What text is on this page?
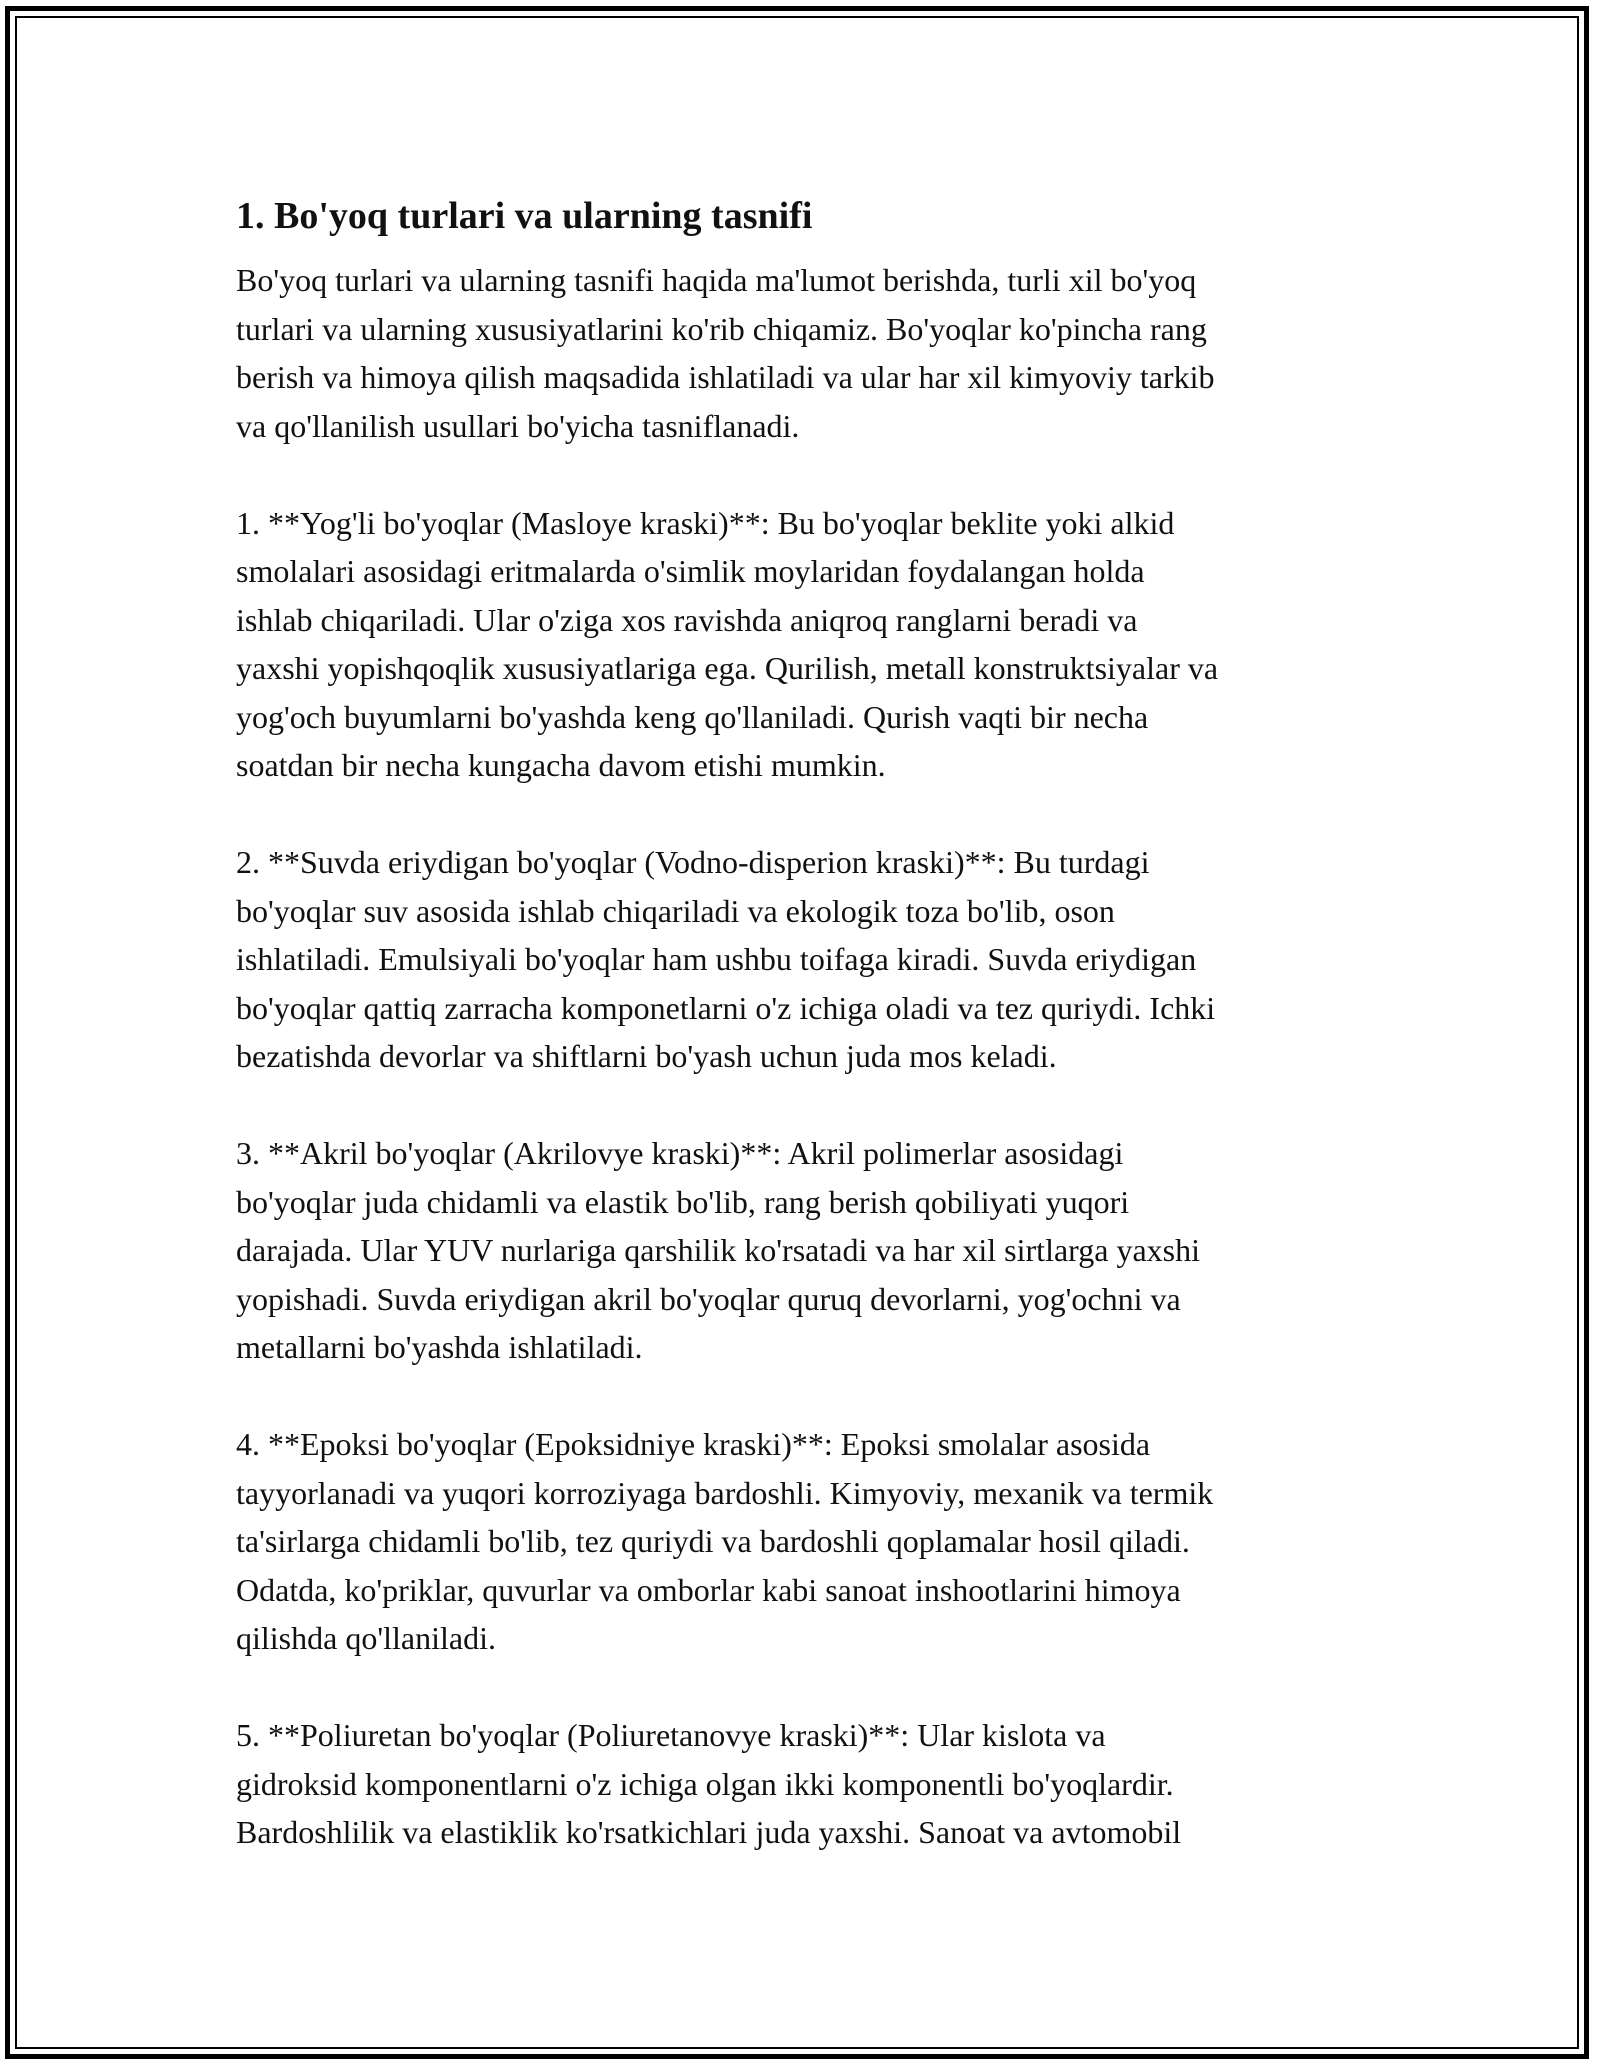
1. Bo'yoq turlari va ularning tasnifi

Bo'yoq turlari va ularning tasnifi haqida ma'lumot berishda, turli xil bo'yoq
turlari va ularning xususiyatlarini ko'rib chiqamiz. Bo'yoqlar ko'pincha rang
berish va himoya qilish maqsadida ishlatiladi va ular har xil kimyoviy tarkib
va qo'llanilish usullari bo'yicha tasniflanadi.

1. **Yog'li bo'yoqlar (Masloye kraski)**: Bu bo'yoqlar beklite yoki alkid
smolalari asosidagi eritmalarda o'simlik moylaridan foydalangan holda
ishlab chiqariladi. Ular o'ziga xos ravishda aniqroq ranglarni beradi va
yaxshi yopishqoqlik xususiyatlariga ega. Qurilish, metall konstruktsiyalar va
yog'och buyumlarni bo'yashda keng qo'llaniladi. Qurish vaqti bir necha
soatdan bir necha kungacha davom etishi mumkin.

2. **Suvda eriydigan bo'yoqlar (Vodno-disperion kraski)**: Bu turdagi
bo'yoqlar suv asosida ishlab chiqariladi va ekologik toza bo'lib, oson
ishlatiladi. Emulsiyali bo'yoqlar ham ushbu toifaga kiradi. Suvda eriydigan
bo'yoqlar qattiq zarracha komponetlarni o'z ichiga oladi va tez quriydi. Ichki
bezatishda devorlar va shiftlarni bo'yash uchun juda mos keladi.

3. **Akril bo'yoqlar (Akrilovye kraski)**: Akril polimerlar asosidagi
bo'yoqlar juda chidamli va elastik bo'lib, rang berish qobiliyati yuqori
darajada. Ular YUV nurlariga qarshilik ko'rsatadi va har xil sirtlarga yaxshi
yopishadi. Suvda eriydigan akril bo'yoqlar quruq devorlarni, yog'ochni va
metallarni bo'yashda ishlatiladi.

4. **Epoksi bo'yoqlar (Epoksidniye kraski)**: Epoksi smolalar asosida
tayyorlanadi va yuqori korroziyaga bardoshli. Kimyoviy, mexanik va termik
ta'sirlarga chidamli bo'lib, tez quriydi va bardoshli qoplamalar hosil qiladi.
Odatda, ko'priklar, quvurlar va omborlar kabi sanoat inshootlarini himoya
qilishda qo'llaniladi.

5. **Poliuretan bo'yoqlar (Poliuretanovye kraski)**: Ular kislota va
gidroksid komponentlarni o'z ichiga olgan ikki komponentli bo'yoqlardir.
Bardoshlilik va elastiklik ko'rsatkichlari juda yaxshi. Sanoat va avtomobil
